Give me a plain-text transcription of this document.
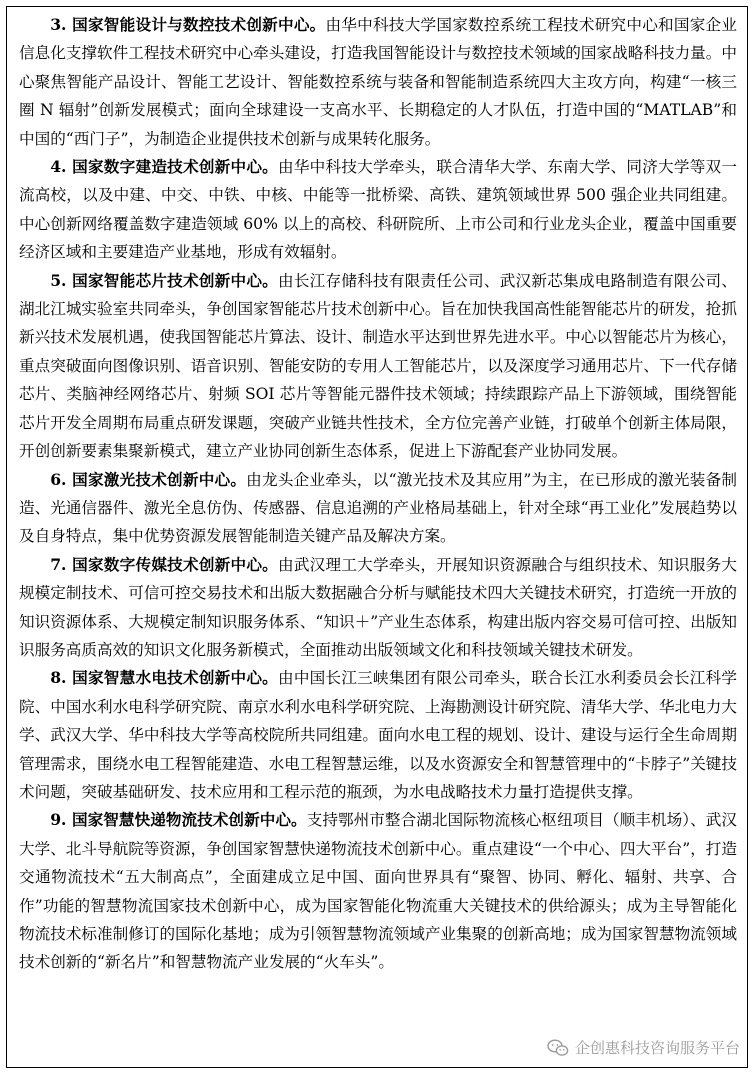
3. 国家智能设计与数控技术创新中心。由华中科技大学国家数控系统工程技术研究中心和国家企业信息化支撑软件工程技术研究中心牵头建设，打造我国智能设计与数控技术领域的国家战略科技力量。中心聚焦智能产品设计、智能工艺设计、智能数控系统与装备和智能制造系统四大主攻方向，构建“一核三圈 N 辐射”创新发展模式；面向全球建设一支高水平、长期稳定的人才队伍，打造中国的“MATLAB”和中国的“西门子”，为制造企业提供技术创新与成果转化服务。

4. 国家数字建造技术创新中心。由华中科技大学牵头，联合清华大学、东南大学、同济大学等双一流高校，以及中建、中交、中铁、中核、中能等一批桥梁、高铁、建筑领域世界 500 强企业共同组建。中心创新网络覆盖数字建造领域 60% 以上的高校、科研院所、上市公司和行业龙头企业，覆盖中国重要经济区域和主要建造产业基地，形成有效辐射。

5. 国家智能芯片技术创新中心。由长江存储科技有限责任公司、武汉新芯集成电路制造有限公司、湖北江城实验室共同牵头，争创国家智能芯片技术创新中心。旨在加快我国高性能智能芯片的研发，抢抓新兴技术发展机遇，使我国智能芯片算法、设计、制造水平达到世界先进水平。中心以智能芯片为核心，重点突破面向图像识别、语音识别、智能安防的专用人工智能芯片，以及深度学习通用芯片、下一代存储芯片、类脑神经网络芯片、射频 SOI 芯片等智能元器件技术领域；持续跟踪产品上下游领域，围绕智能芯片开发全周期布局重点研发课题，突破产业链共性技术，全方位完善产业链，打破单个创新主体局限，开创创新要素集聚新模式，建立产业协同创新生态体系，促进上下游配套产业协同发展。

6. 国家激光技术创新中心。由龙头企业牵头，以“激光技术及其应用”为主，在已形成的激光装备制造、光通信器件、激光全息仿伪、传感器、信息追溯的产业格局基础上，针对全球“再工业化”发展趋势以及自身特点，集中优势资源发展智能制造关键产品及解决方案。

7. 国家数字传媒技术创新中心。由武汉理工大学牵头，开展知识资源融合与组织技术、知识服务大规模定制技术、可信可控交易技术和出版大数据融合分析与赋能技术四大关键技术研究，打造统一开放的知识资源体系、大规模定制知识服务体系、“知识＋”产业生态体系，构建出版内容交易可信可控、出版知识服务高质高效的知识文化服务新模式，全面推动出版领域文化和科技领域关键技术研发。

8. 国家智慧水电技术创新中心。由中国长江三峡集团有限公司牵头，联合长江水利委员会长江科学院、中国水利水电科学研究院、南京水利水电科学研究院、上海勘测设计研究院、清华大学、华北电力大学、武汉大学、华中科技大学等高校院所共同组建。面向水电工程的规划、设计、建设与运行全生命周期管理需求，围绕水电工程智能建造、水电工程智慧运维，以及水资源安全和智慧管理中的“卡脖子”关键技术问题，突破基础研发、技术应用和工程示范的瓶颈，为水电战略技术力量打造提供支撑。

9. 国家智慧快递物流技术创新中心。支持鄂州市整合湖北国际物流核心枢纽项目（顺丰机场）、武汉大学、北斗导航院等资源，争创国家智慧快递物流技术创新中心。重点建设“一个中心、四大平台”，打造交通物流技术“五大制高点”，全面建成立足中国、面向世界具有“聚智、协同、孵化、辐射、共享、合作”功能的智慧物流国家技术创新中心，成为国家智能化物流重大关键技术的供给源头；成为主导智能化物流技术标准制修订的国际化基地；成为引领智慧物流领域产业集聚的创新高地；成为国家智慧物流领域技术创新的“新名片”和智慧物流产业发展的“火车头”。

企创惠科技咨询服务平台
